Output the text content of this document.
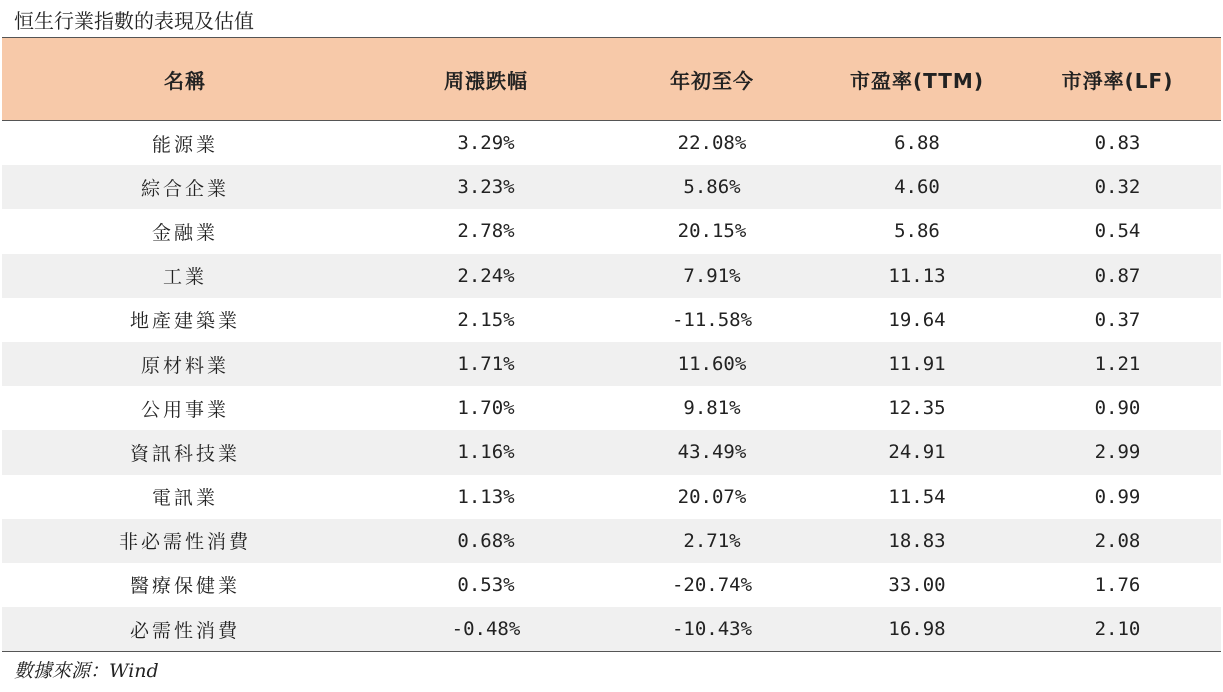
恒生行業指數的表現及估值
名稱	周漲跌幅	年初至今	市盈率(TTM)	市淨率(LF)
能源業	3.29%	22.08%	6.88	0.83
綜合企業	3.23%	5.86%	4.60	0.32
金融業	2.78%	20.15%	5.86	0.54
工業	2.24%	7.91%	11.13	0.87
地產建築業	2.15%	-11.58%	19.64	0.37
原材料業	1.71%	11.60%	11.91	1.21
公用事業	1.70%	9.81%	12.35	0.90
資訊科技業	1.16%	43.49%	24.91	2.99
電訊業	1.13%	20.07%	11.54	0.99
非必需性消費	0.68%	2.71%	18.83	2.08
醫療保健業	0.53%	-20.74%	33.00	1.76
必需性消費	-0.48%	-10.43%	16.98	2.10
數據來源：Wind
